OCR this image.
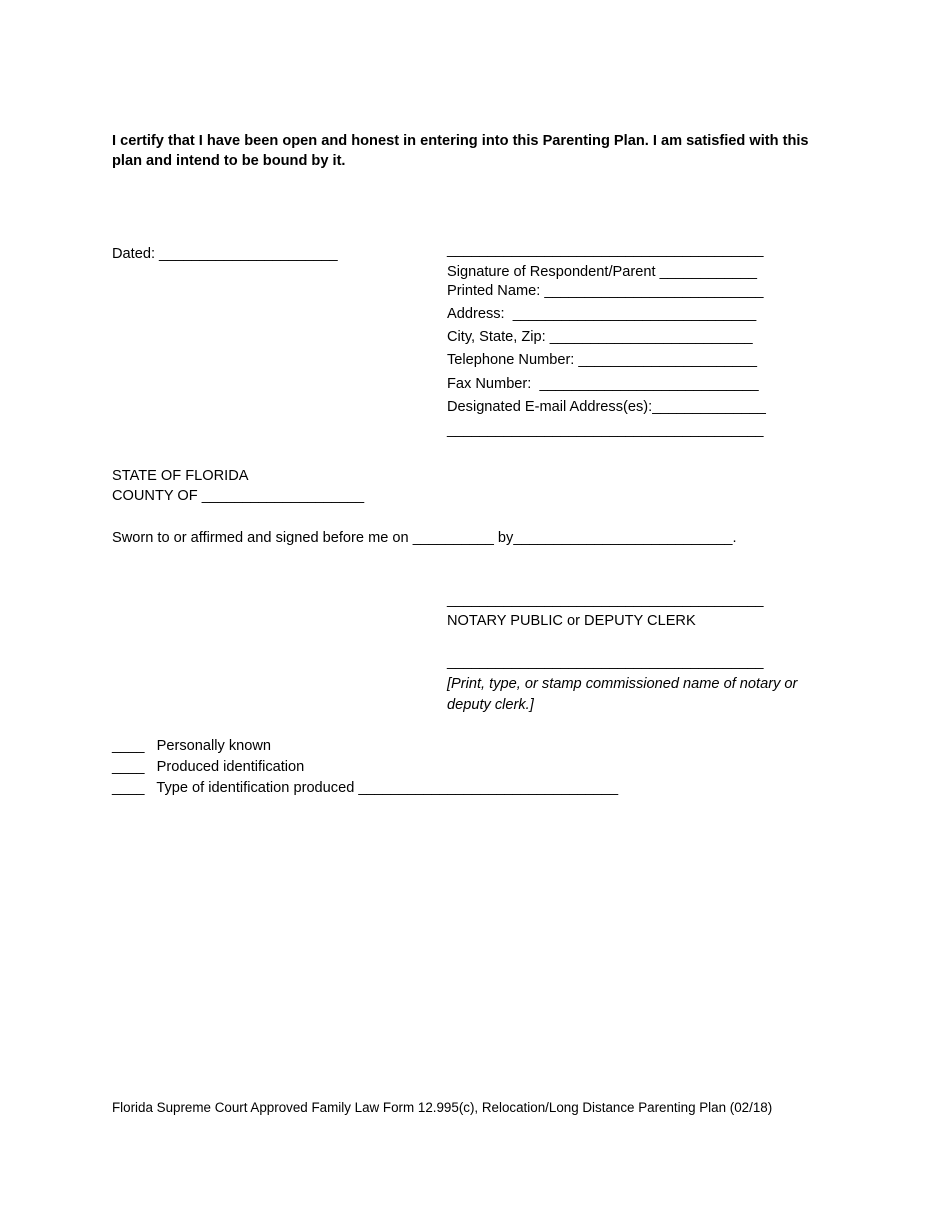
I certify that I have been open and honest in entering into this Parenting Plan. I am satisfied with this plan and intend to be bound by it.
Dated: ______________________	_______________________________________
Signature of Respondent/Parent ____________
Printed Name: ___________________________
Address:  ______________________________
City, State, Zip: _________________________
Telephone Number: ______________________
Fax Number:  ___________________________
Designated E-mail Address(es):______________
_______________________________________
STATE OF FLORIDA
COUNTY OF ____________________
Sworn to or affirmed and signed before me on __________ by___________________________.
_______________________________________
NOTARY PUBLIC or DEPUTY CLERK
_______________________________________
[Print, type, or stamp commissioned name of notary or
deputy clerk.]
____   Personally known
____   Produced identification
____   Type of identification produced ________________________________
Florida Supreme Court Approved Family Law Form 12.995(c), Relocation/Long Distance Parenting Plan (02/18)
